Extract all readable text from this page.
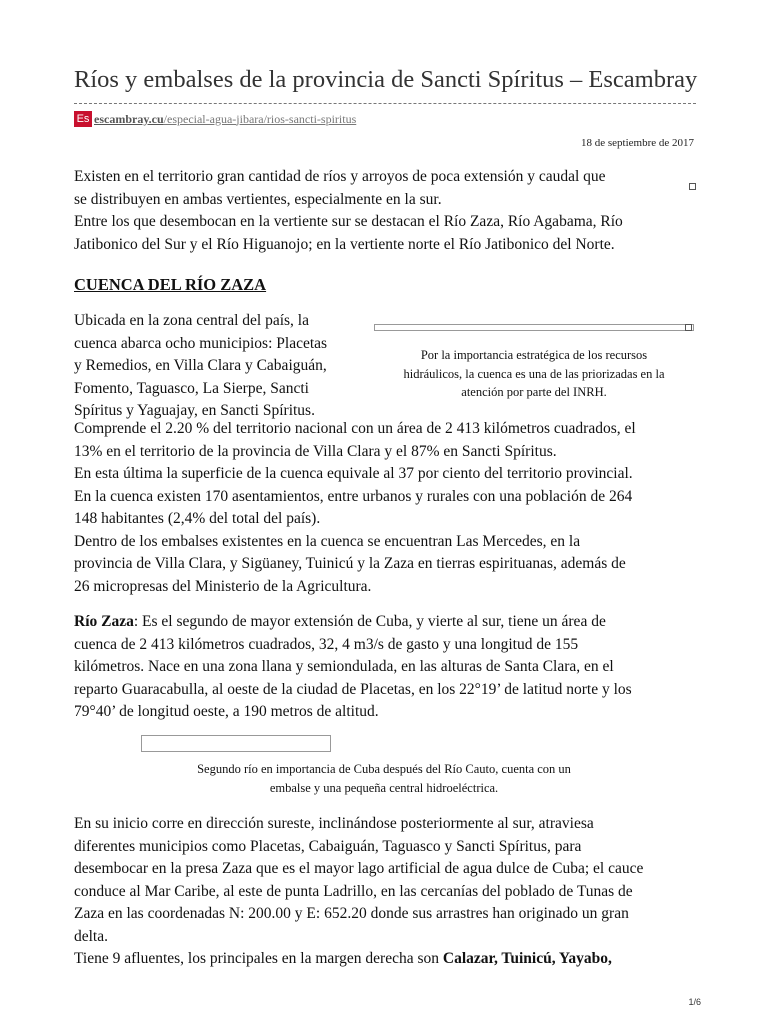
Ríos y embalses de la provincia de Sancti Spíritus – Escambray
Es escambray.cu /especial-agua-jibara/rios-sancti-spiritus
18 de septiembre de 2017

Existen en el territorio gran cantidad de ríos y arroyos de poca extensión y caudal que
se distribuyen en ambas vertientes, especialmente en la sur.
Entre los que desembocan en la vertiente sur se destacan el Río Zaza, Río Agabama, Río
Jatibonico del Sur y el Río Higuanojo; en la vertiente norte el Río Jatibonico del Norte.

CUENCA DEL RÍO ZAZA

Ubicada en la zona central del país, la
cuenca abarca ocho municipios: Placetas
y Remedios, en Villa Clara y Cabaiguán,
Fomento, Taguasco, La Sierpe, Sancti
Spíritus y Yaguajay, en Sancti Spíritus.

Por la importancia estratégica de los recursos
hidráulicos, la cuenca es una de las priorizadas en la
atención por parte del INRH.

Comprende el 2.20 % del territorio nacional con un área de 2 413 kilómetros cuadrados, el
13% en el territorio de la provincia de Villa Clara y el 87% en Sancti Spíritus.
En esta última la superficie de la cuenca equivale al 37 por ciento del territorio provincial.
En la cuenca existen 170 asentamientos, entre urbanos y rurales con una población de 264
148 habitantes (2,4% del total del país).
Dentro de los embalses existentes en la cuenca se encuentran Las Mercedes, en la
provincia de Villa Clara, y Sigüaney, Tuinicú y la Zaza en tierras espirituanas, además de
26 micropresas del Ministerio de la Agricultura.

Río Zaza: Es el segundo de mayor extensión de Cuba, y vierte al sur, tiene un área de
cuenca de 2 413 kilómetros cuadrados, 32, 4 m3/s de gasto y una longitud de 155
kilómetros. Nace en una zona llana y semiondulada, en las alturas de Santa Clara, en el
reparto Guaracabulla, al oeste de la ciudad de Placetas, en los 22°19’ de latitud norte y los
79°40’ de longitud oeste, a 190 metros de altitud.

Segundo río en importancia de Cuba después del Río Cauto, cuenta con un
embalse y una pequeña central hidroeléctrica.

En su inicio corre en dirección sureste, inclinándose posteriormente al sur, atraviesa
diferentes municipios como Placetas, Cabaiguán, Taguasco y Sancti Spíritus, para
desembocar en la presa Zaza que es el mayor lago artificial de agua dulce de Cuba; el cauce
conduce al Mar Caribe, al este de punta Ladrillo, en las cercanías del poblado de Tunas de
Zaza en las coordenadas N: 200.00 y E: 652.20 donde sus arrastres han originado un gran
delta.
Tiene 9 afluentes, los principales en la margen derecha son Calazar, Tuinicú, Yayabo,

1/6
